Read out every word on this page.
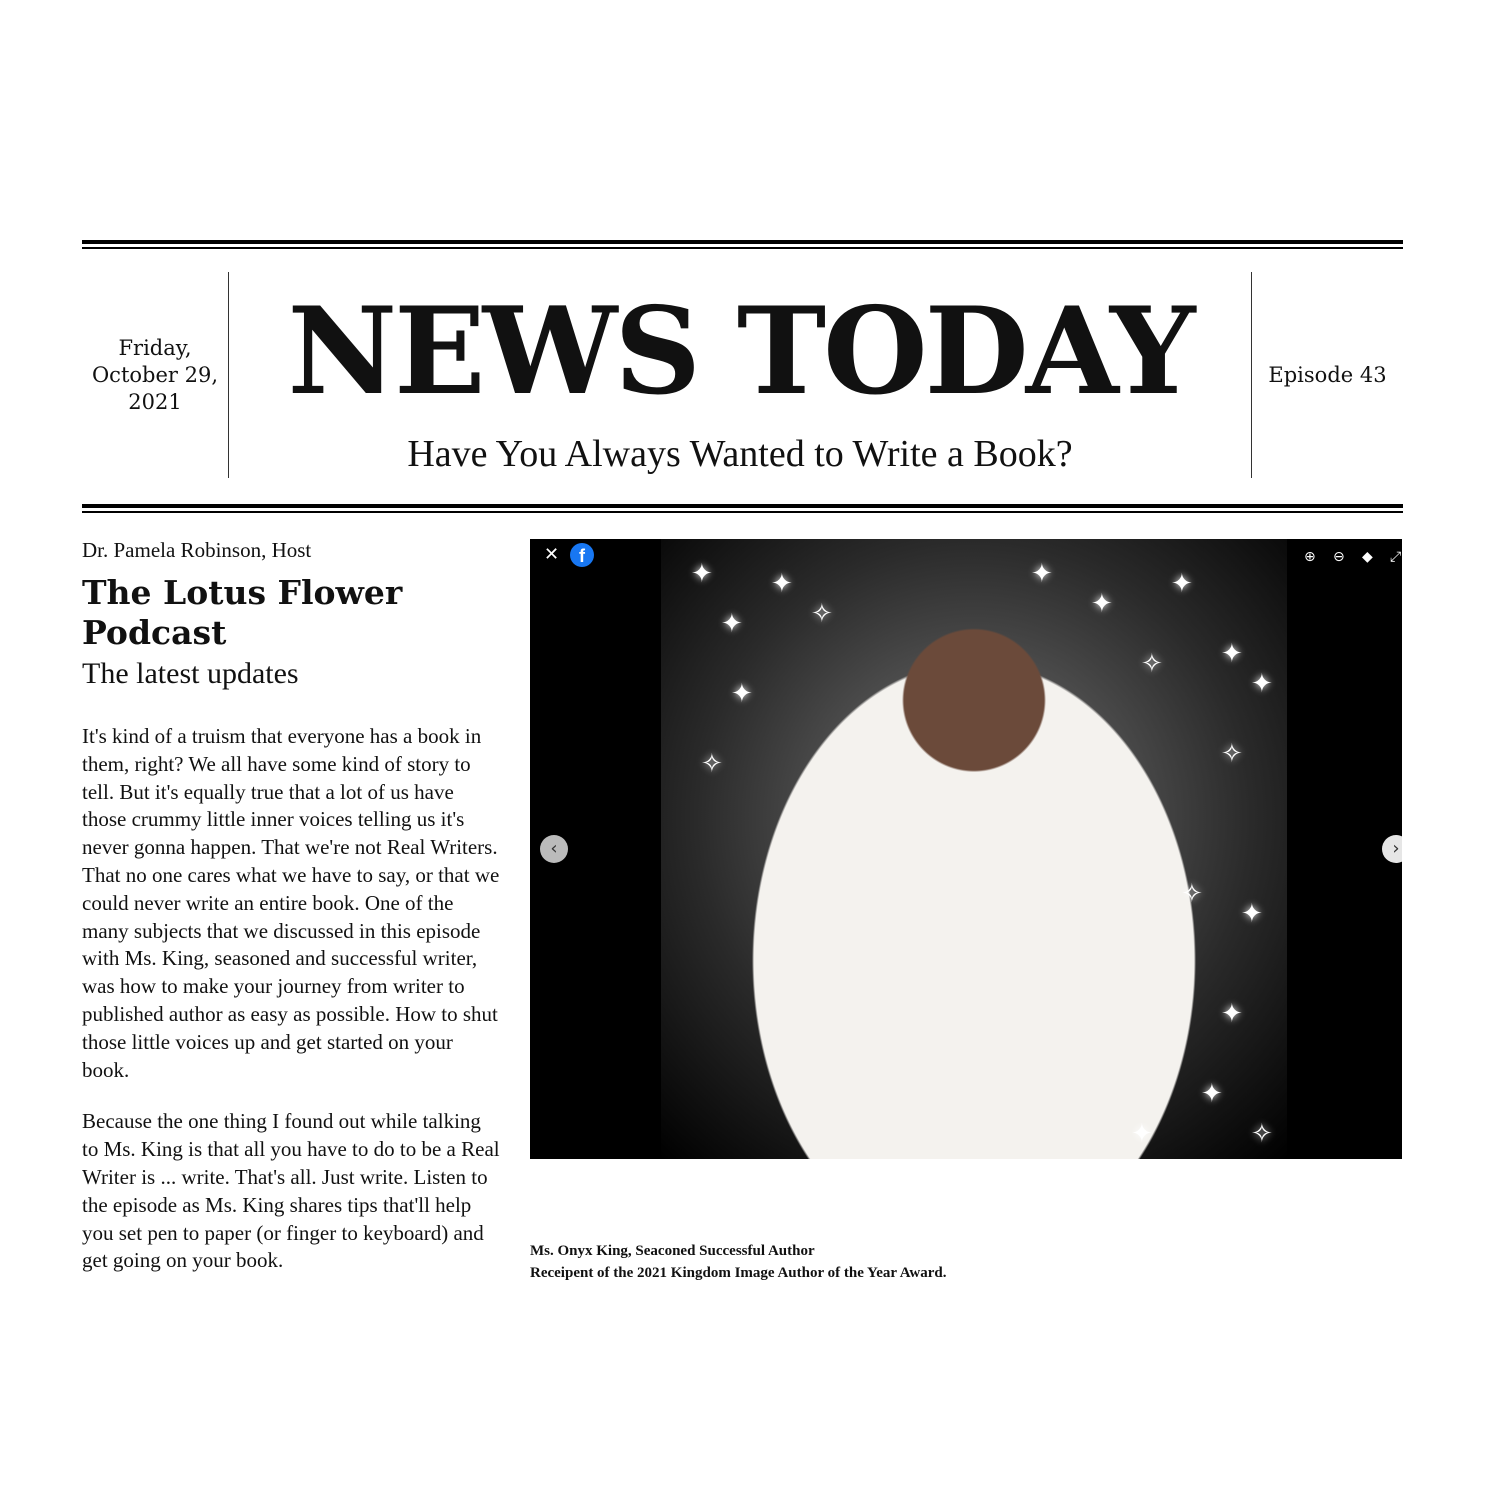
Friday,
October 29,
2021 NEWS TODAY
Have You Always Wanted to Write a Book?
Episode 43
Dr. Pamela Robinson, Host
The Lotus Flower Podcast
The latest updates

It's kind of a truism that everyone has a book in them, right? We all have some kind of story to tell. But it's equally true that a lot of us have those crummy little inner voices telling us it's never gonna happen. That we're not Real Writers. That no one cares what we have to say, or that we could never write an entire book. One of the many subjects that we discussed in this episode with Ms. King, seasoned and successful writer, was how to make your journey from writer to published author as easy as possible. How to shut those little voices up and get started on your book.

Because the one thing I found out while talking to Ms. King is that all you have to do to be a Real Writer is ... write. That's all. Just write. Listen to the episode as Ms. King shares tips that'll help you set pen to paper (or finger to keyboard) and get going on your book.

✦ ✦
✦	✧
✦
✧
✦
✦
✦
✧ ✦
✦
✧
✦
✧
✦
✦
✧
✦
✕	f	⊕ ⊖ ◆ ⤢
‹	›
Ms. Onyx King, Seaconed Successful Author
Receipent of the 2021 Kingdom Image Author of the Year Award.
